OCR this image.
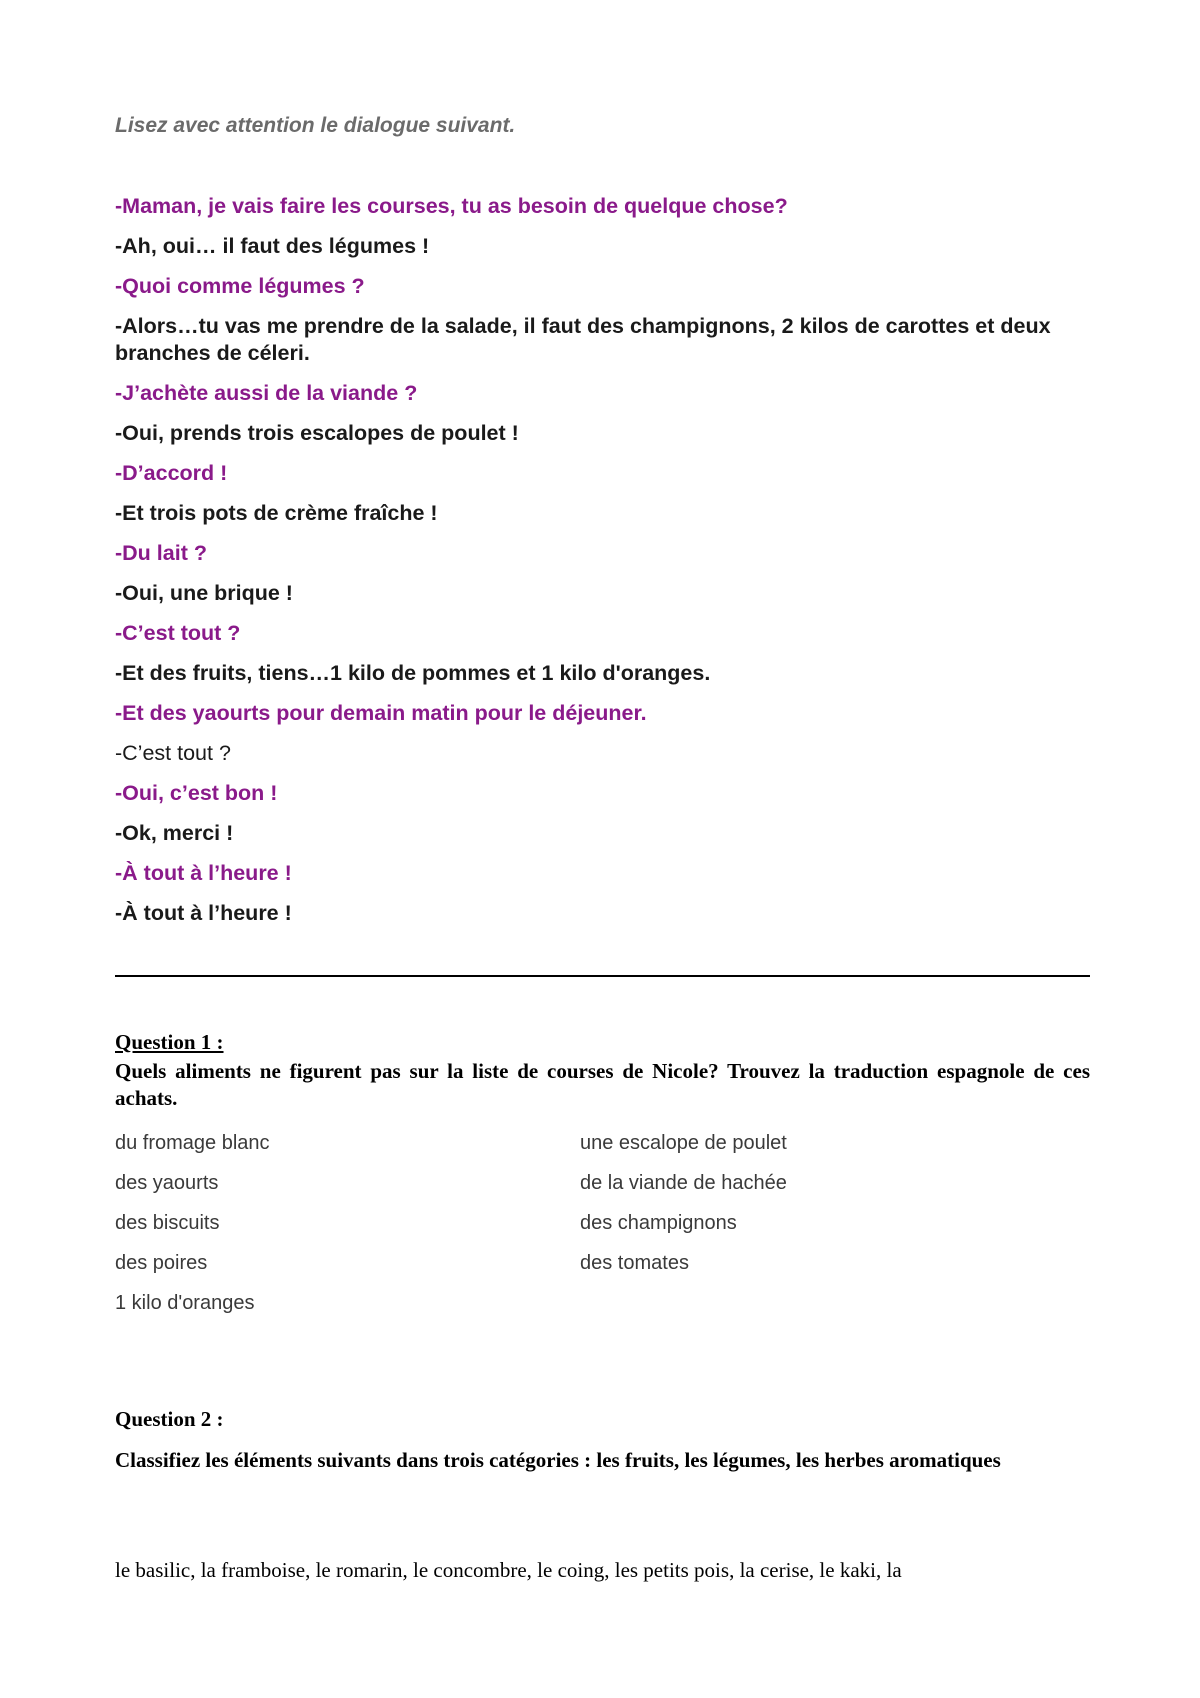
Lisez avec attention le dialogue suivant.
-Maman, je vais faire les courses, tu as besoin de quelque chose?
-Ah, oui… il faut des légumes !
-Quoi comme légumes ?
-Alors…tu vas me prendre de la salade, il faut des champignons, 2 kilos de carottes et deux branches de céleri.
-J’achète aussi de la viande ?
-Oui, prends trois escalopes de poulet !
-D’accord !
-Et trois pots de crème fraîche !
-Du lait ?
-Oui, une brique !
-C’est tout ?
-Et des fruits, tiens…1 kilo de pommes et 1 kilo d'oranges.
-Et des yaourts pour demain matin pour le déjeuner.
-C’est tout ?
-Oui, c’est bon !
-Ok, merci !
-À tout à l’heure !
-À tout à l’heure !
Question 1 :
Quels aliments ne figurent pas sur la liste de courses de Nicole? Trouvez la traduction espagnole de ces achats.
du fromage blanc
des yaourts
des biscuits
des poires
1 kilo d'oranges
une escalope de poulet
de la viande de hachée
des champignons
des tomates
Question 2 :
Classifiez les éléments suivants dans trois catégories : les fruits, les légumes, les herbes aromatiques
le basilic, la framboise, le romarin, le concombre, le coing, les petits pois, la cerise, le kaki, la
